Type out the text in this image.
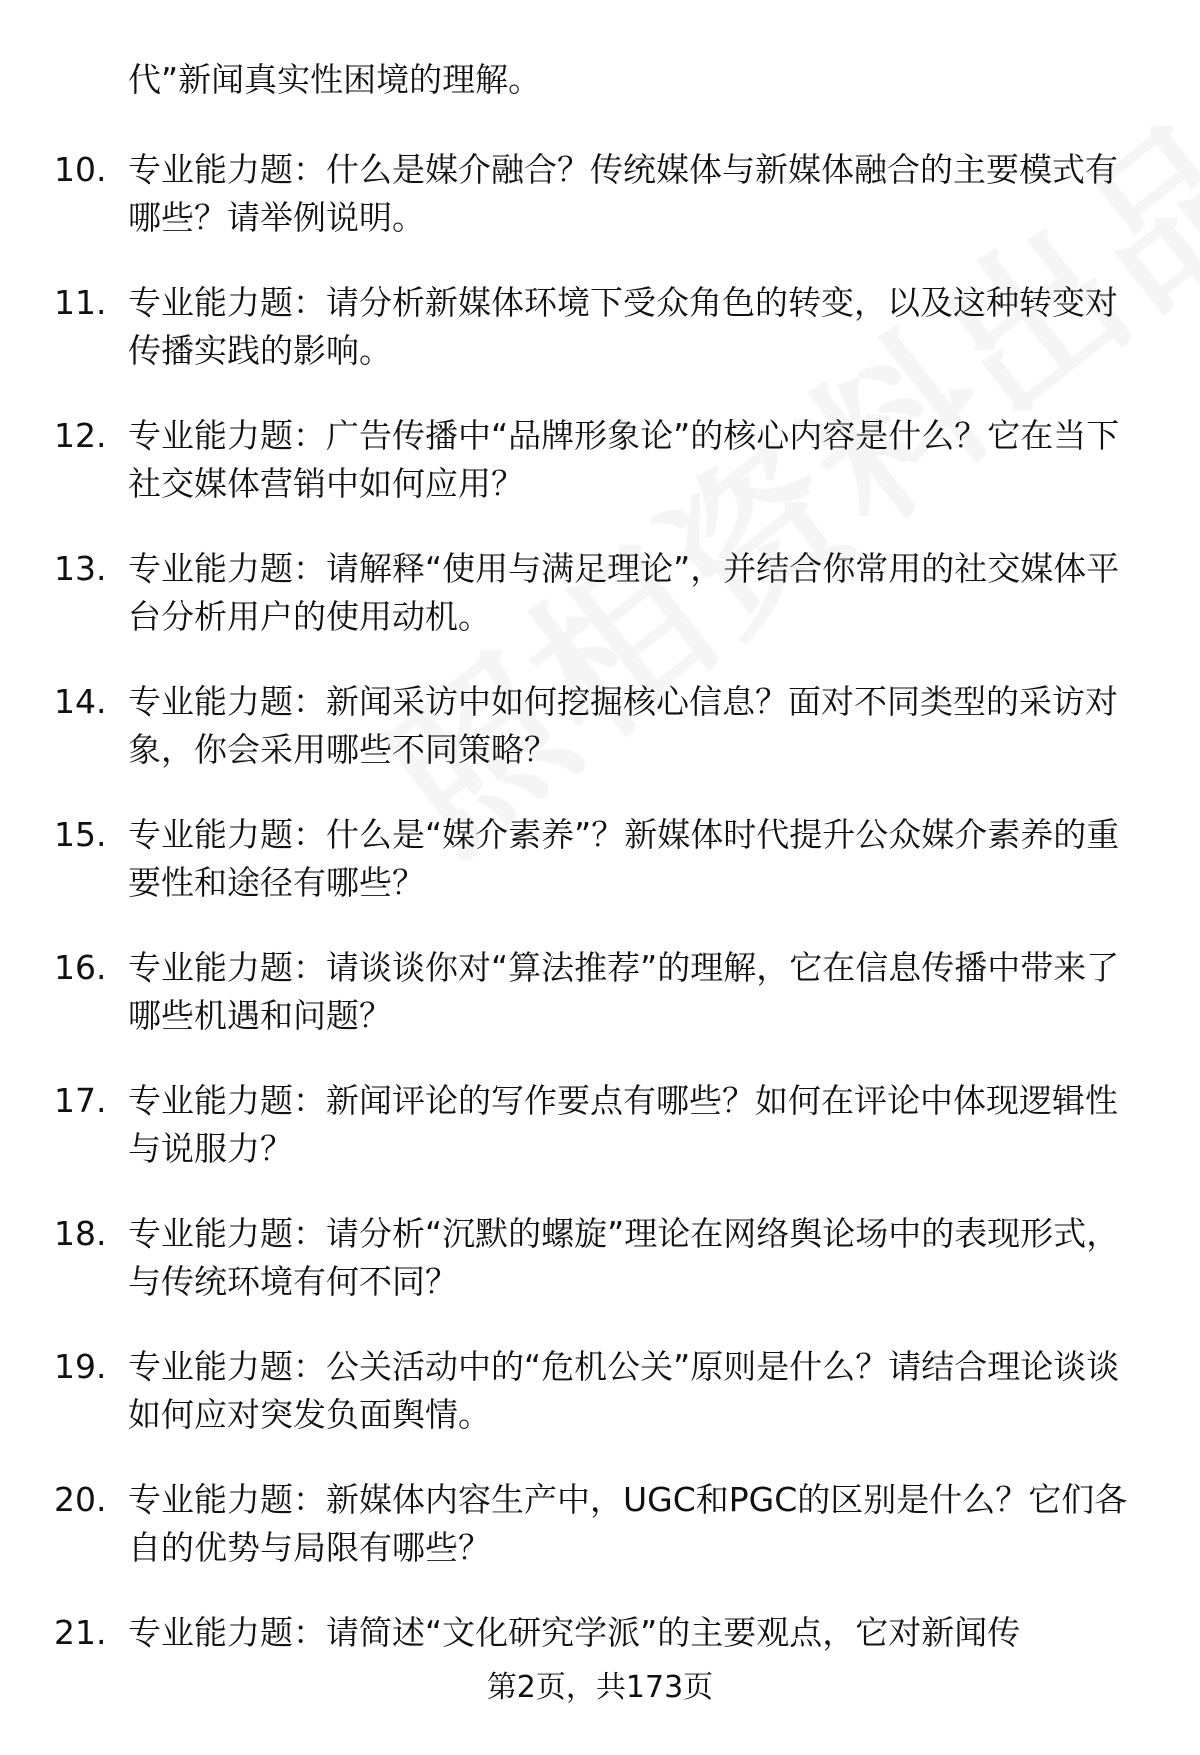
代”新闻真实性困境的理解。
10. 专业能力题：什么是媒介融合？传统媒体与新媒体融合的主要模式有哪些？请举例说明。
11. 专业能力题：请分析新媒体环境下受众角色的转变，以及这种转变对传播实践的影响。
12. 专业能力题：广告传播中“品牌形象论”的核心内容是什么？它在当下社交媒体营销中如何应用？
13. 专业能力题：请解释“使用与满足理论”，并结合你常用的社交媒体平台分析用户的使用动机。
14. 专业能力题：新闻采访中如何挖掘核心信息？面对不同类型的采访对象，你会采用哪些不同策略？
15. 专业能力题：什么是“媒介素养”？新媒体时代提升公众媒介素养的重要性和途径有哪些？
16. 专业能力题：请谈谈你对“算法推荐”的理解，它在信息传播中带来了哪些机遇和问题？
17. 专业能力题：新闻评论的写作要点有哪些？如何在评论中体现逻辑性与说服力？
18. 专业能力题：请分析“沉默的螺旋”理论在网络舆论场中的表现形式，与传统环境有何不同？
19. 专业能力题：公关活动中的“危机公关”原则是什么？请结合理论谈谈如何应对突发负面舆情。
20. 专业能力题：新媒体内容生产中，UGC和PGC的区别是什么？它们各自的优势与局限有哪些？
21. 专业能力题：请简述“文化研究学派”的主要观点，它对新闻传
第2页，共173页
